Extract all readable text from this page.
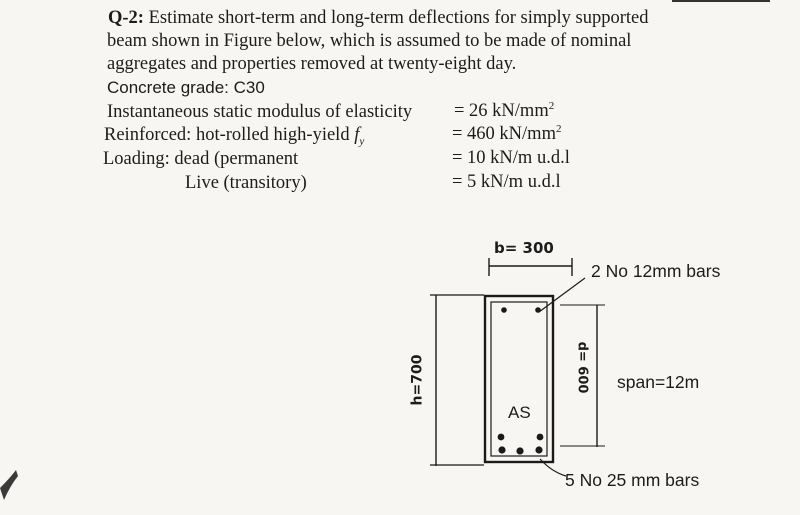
Q-2: Estimate short-term and long-term deflections for simply supported
beam shown in Figure below, which is assumed to be made of nominal
aggregates and properties removed at twenty-eight day.
Concrete grade: C30
Instantaneous static modulus of elasticity = 26 $kN/mm^2$
Reinforced: hot-rolled high-yield $f_y$	= 460 $kN/mm^2$
Loading: dead (permanent	= 10 kN/m u.d.l
Live (transitory)	= 5 kN/m u.d.l
b= 300
2 No 12mm bars
h=700	d= 600 span=12m
AS
5 No 25 mm bars
